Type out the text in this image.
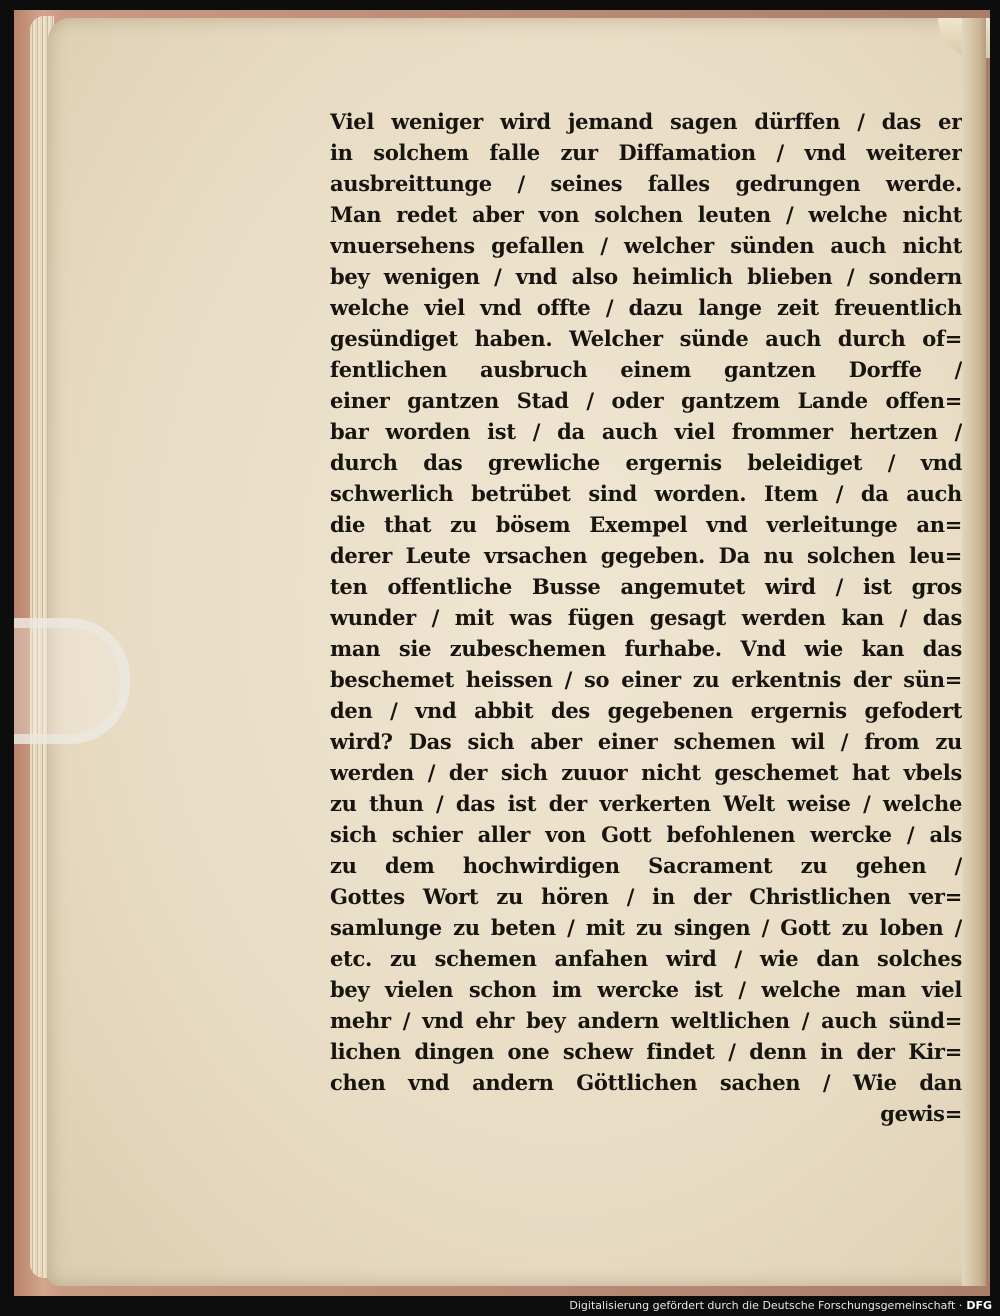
Viel weniger wird jemand sagen dürffen / das er
in solchem falle zur Diffamation / vnd weiterer
ausbreittunge / seines falles gedrungen werde.
Man redet aber von solchen leuten / welche nicht
vnuersehens gefallen / welcher sünden auch nicht
bey wenigen / vnd also heimlich blieben / sondern
welche viel vnd offte / dazu lange zeit freuentlich
gesündiget haben. Welcher sünde auch durch of=
fentlichen ausbruch einem gantzen Dorffe /
einer gantzen Stad / oder gantzem Lande offen=
bar worden ist / da auch viel frommer hertzen /
durch das grewliche ergernis beleidiget / vnd
schwerlich betrübet sind worden. Item / da auch
die that zu bösem Exempel vnd verleitunge an=
derer Leute vrsachen gegeben. Da nu solchen leu=
ten offentliche Busse angemutet wird / ist gros
wunder / mit was fügen gesagt werden kan / das
man sie zubeschemen furhabe. Vnd wie kan das
beschemet heissen / so einer zu erkentnis der sün=
den / vnd abbit des gegebenen ergernis gefodert
wird? Das sich aber einer schemen wil / from zu
werden / der sich zuuor nicht geschemet hat vbels
zu thun / das ist der verkerten Welt weise / welche
sich schier aller von Gott befohlenen wercke / als
zu dem hochwirdigen Sacrament zu gehen /
Gottes Wort zu hören / in der Christlichen ver=
samlunge zu beten / mit zu singen / Gott zu loben /
etc. zu schemen anfahen wird / wie dan solches
bey vielen schon im wercke ist / welche man viel
mehr / vnd ehr bey andern weltlichen / auch sünd=
lichen dingen one schew findet / denn in der Kir=
chen vnd andern Göttlichen sachen / Wie dan
gewis=
Digitalisierung gefördert durch die Deutsche Forschungsgemeinschaft · DFG
